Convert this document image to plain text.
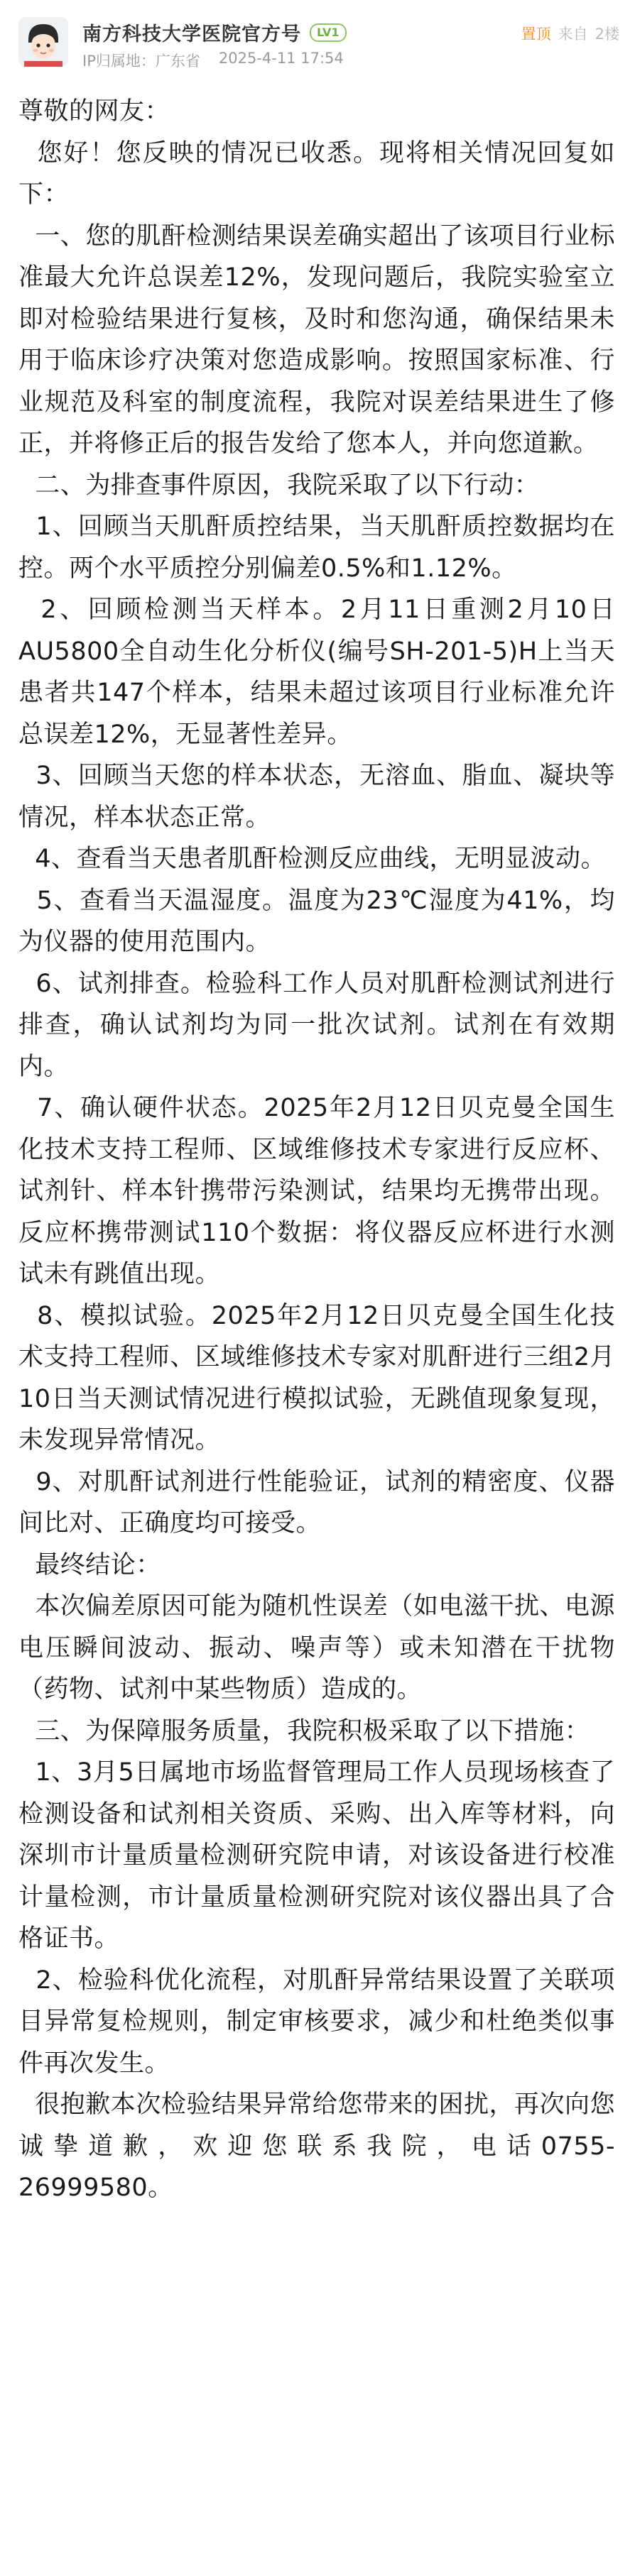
南方科技大学医院官方号	LV1
IP归属地：广东省 2025-4-11 17:54
置顶 来自 2楼

尊敬的网友：

您好！您反映的情况已收悉。现将相关情况回复如下：

一、您的肌酐检测结果误差确实超出了该项目行业标准最大允许总误差12%，发现问题后，我院实验室立即对检验结果进行复核，及时和您沟通，确保结果未用于临床诊疗决策对您造成影响。按照国家标准、行业规范及科室的制度流程，我院对误差结果进生了修正，并将修正后的报告发给了您本人，并向您道歉。

二、为排查事件原因，我院采取了以下行动：

1、回顾当天肌酐质控结果，当天肌酐质控数据均在控。两个水平质控分别偏差0.5%和1.12%。

2、回顾检测当天样本。2月11日重测2月10日AU5800全自动生化分析仪(编号SH-201-5)H上当天患者共147个样本，结果未超过该项目行业标准允许总误差12%，无显著性差异。

3、回顾当天您的样本状态，无溶血、脂血、凝块等情况，样本状态正常。

4、查看当天患者肌酐检测反应曲线，无明显波动。

5、查看当天温湿度。温度为23℃湿度为41%，均为仪器的使用范围内。

6、试剂排查。检验科工作人员对肌酐检测试剂进行排查，确认试剂均为同一批次试剂。试剂在有效期内。

7、确认硬件状态。2025年2月12日贝克曼全国生化技术支持工程师、区域维修技术专家进行反应杯、试剂针、样本针携带污染测试，结果均无携带出现。反应杯携带测试110个数据：将仪器反应杯进行水测试未有跳值出现。

8、模拟试验。2025年2月12日贝克曼全国生化技术支持工程师、区域维修技术专家对肌酐进行三组2月10日当天测试情况进行模拟试验，无跳值现象复现，未发现异常情况。

9、对肌酐试剂进行性能验证，试剂的精密度、仪器间比对、正确度均可接受。

最终结论：

本次偏差原因可能为随机性误差（如电滋干扰、电源电压瞬间波动、振动、噪声等）或未知潜在干扰物（药物、试剂中某些物质）造成的。

三、为保障服务质量，我院积极采取了以下措施：

1、3月5日属地市场监督管理局工作人员现场核查了检测设备和试剂相关资质、采购、出入库等材料，向深圳市计量质量检测研究院申请，对该设备进行校准计量检测，市计量质量检测研究院对该仪器出具了合格证书。

2、检验科优化流程，对肌酐异常结果设置了关联项目异常复检规则，制定审核要求，减少和杜绝类似事件再次发生。

很抱歉本次检验结果异常给您带来的困扰，再次向您诚挚道歉，欢迎您联系我院，电话0755-26999580。
